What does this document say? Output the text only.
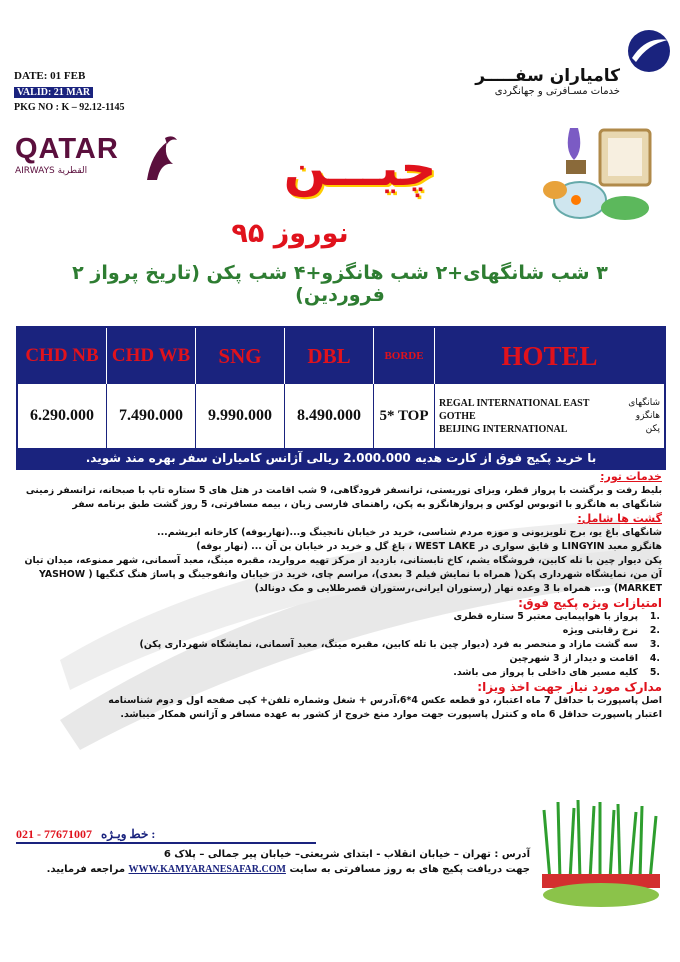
کامیاران سفـــــر
خدمات مسـافرتی و جهانگردی
DATE: 01 FEB
VALID: 21 MAR
PKG NO : K – 92.12-1145
QATAR
AIRWAYS القطرية	چیـــن
نوروز ۹۵
۳ شب شانگهای+۲ شب هانگزو+۴ شب پکن (تاریخ پرواز ۲ فروردین)
CHD NB CHD WB	SNG	DBL	BORDE	HOTEL
6.290.000	7.490.000	9.990.000	8.490.000	5* TOP
REGAL INTERNATIONAL EAST	شانگهای
GOTHE	هانگزو
BEIJING INTERNATIONAL	پکن
با خرید پکیج فوق از کارت هدیه 2.000.000 ریالی آژانس کامیاران سفر بهره مند شوید.
خدمات تور:
بلیط رفت و برگشت با پرواز قطر، ویزای توریستی، ترانسفر فرودگاهی، 9 شب اقامت در هتل های 5 ستاره تاپ با صبحانه، ترانسفر زمینی شانگهای به هانگزو با اتوبوس لوکس و پروازهانگزو به پکن، راهنمای فارسی زبان ، بیمه مسافرتی، 5 روز گشت طبق برنامه سفر
گشت ها شامل:
شانگهای باغ یو، برج تلویزیونی و موزه مردم شناسی، خرید در خیابان نانجینگ و...(نهاربوفه) کارخانه ابریشم...
هانگزو معبد LINGYIN و قایق سواری در WEST LAKE ، باغ گل و خرید در خیابان بن آن ... (نهار بوفه)
پکن دیوار چین با تله کابین، فروشگاه یشم، کاخ تابستانی، بازدید از مرکز تهیه مروارید، مقبره مینگ، معبد آسمانی، شهر ممنوعه، میدان تیان آن من، نمایشگاه شهرداری پکن( همراه با نمایش فیلم 3 بعدی)، مراسم چای، خرید در خیابان وانفوجینگ و پاساژ هنگ کنگیها ( YASHOW MARKET) و... همراه با 3 وعده نهار (رستوران ایرانی،رستوران قصرطلایی و مک دونالد)
امتیازات ویژه پکیج فوق:
1.
پرواز با هواپیمایی معتبر 5 ستاره قطری
2.
نرخ رقابتی ویژه
3.
سه گشت مازاد و منحصر به فرد (دیوار چین با تله کابین، مقبره مینگ، معبد آسمانی، نمایشگاه شهرداری پکن)
4.
اقامت و دیدار از 3 شهرچین
5.
کلیه مسیر های داخلی با پرواز می باشد.
مدارک مورد نیاز جهت اخذ ویزا:
اصل پاسپورت با حداقل 7 ماه اعتبار، دو قطعه عکس 4*6،آدرس + شغل وشماره تلفن+ کپی صفحه اول و دوم شناسنامه
اعتبار پاسپورت حداقل 6 ماه و کنترل پاسپورت جهت موارد منع خروج از کشور به عهده مسافر و آژانس همکار میباشد.
021 - 77671007 خط ویـژه :
آدرس : تهران – خیابان انقلاب - ابتدای شریعتی– خیابان پیر جمالی – پلاک 6
جهت دریافت پکیج های به روز مسافرتی به سایت WWW.KAMYARANESAFAR.COM مراجعه فرمایید.
